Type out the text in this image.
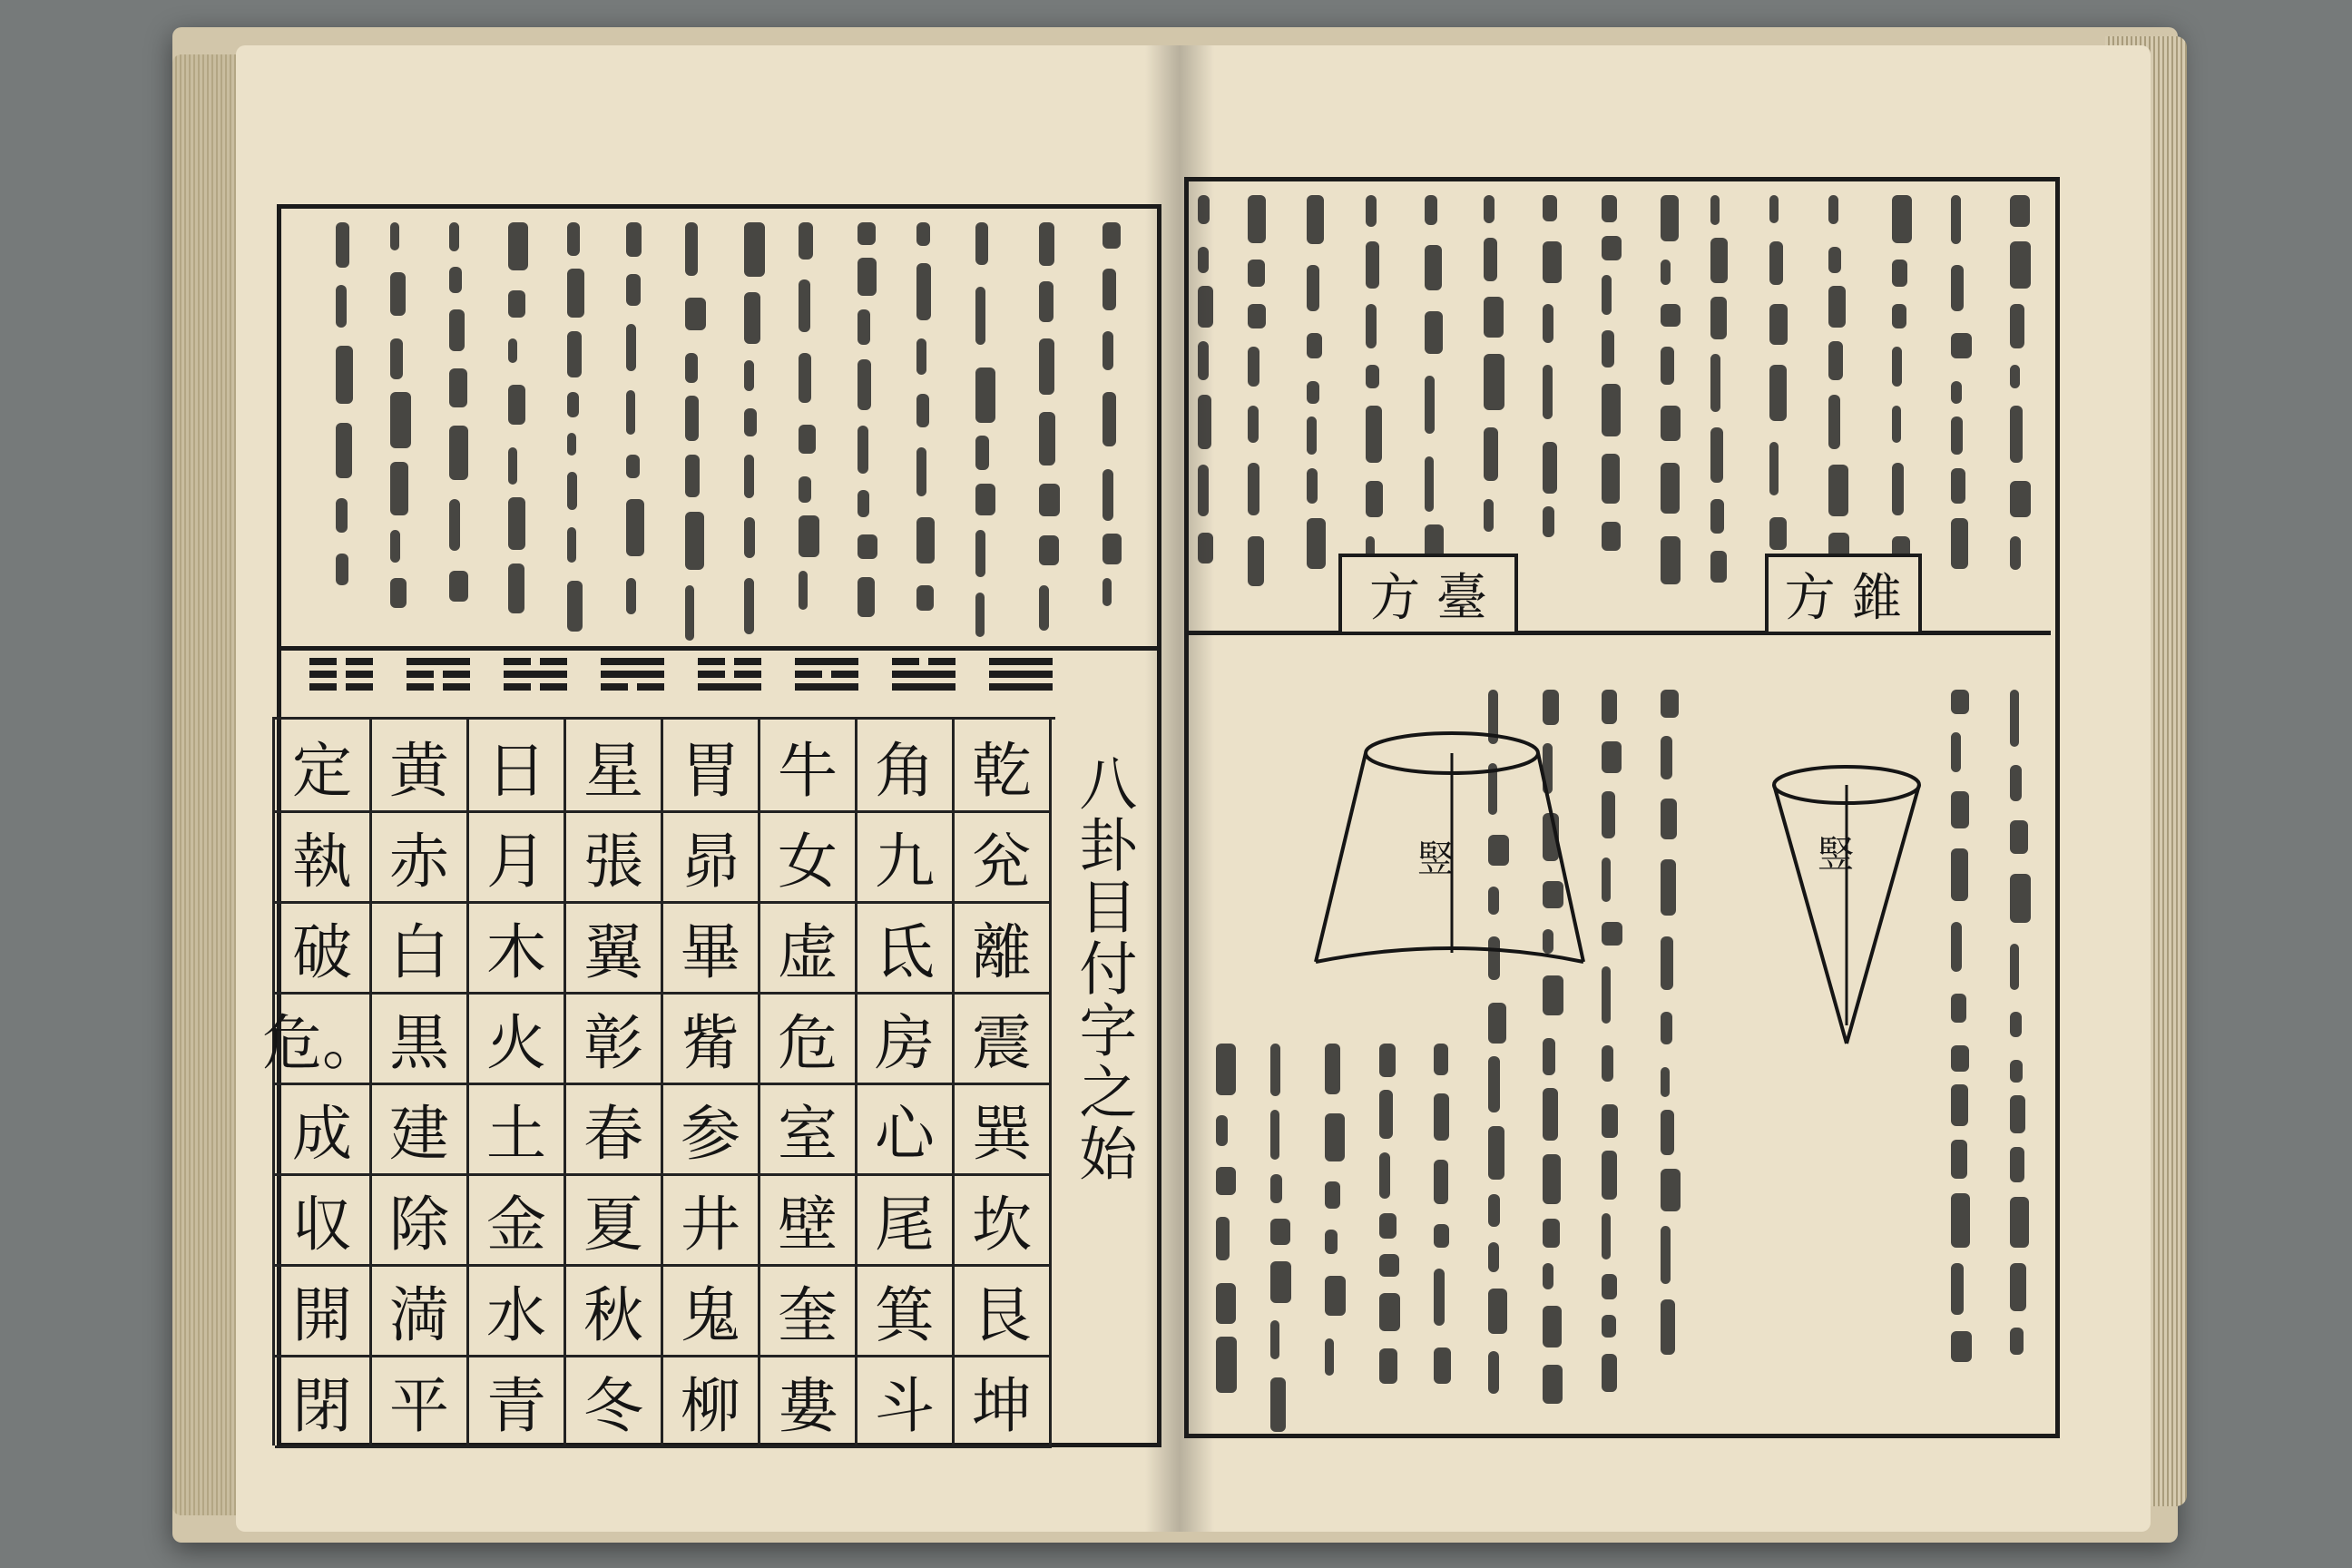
乾
兊
離
震
巽
坎
艮
坤
角
九
氐
房
心
尾
箕
斗
牛
女
虚
危
室
壁
奎
婁
胃
昴
畢
觜
参
井
鬼
柳
星
張
翼
彰
春
夏
秋
冬
日
月
木
火
土
金
水
青
黄
赤
白
黒
建
除
満
平
定
執
破
危。
成
収
開
閉
八卦目付字之始
方 錐
方 臺
竪
竪
